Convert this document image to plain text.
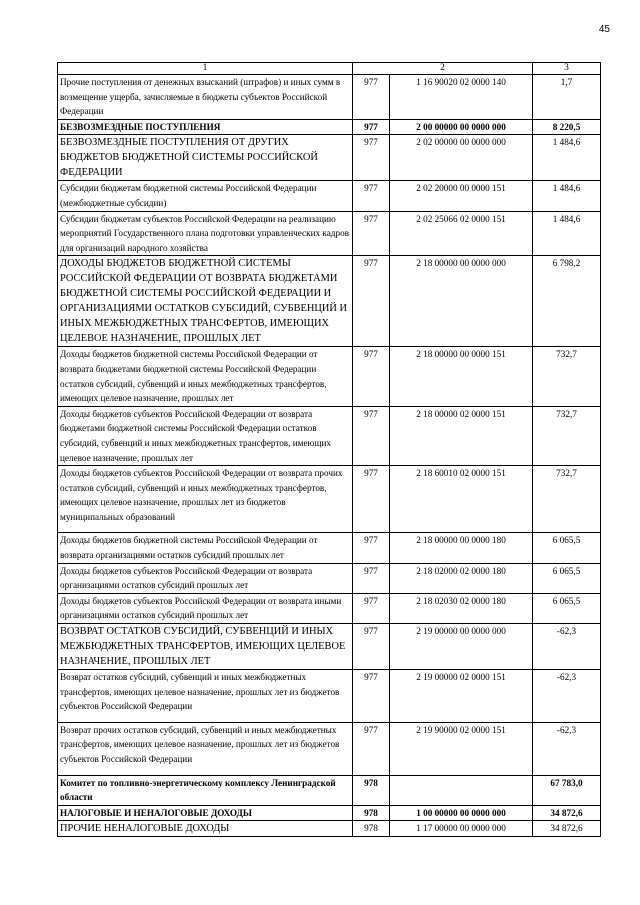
45
1	2		3
Прочие поступления от денежных взысканий (штрафов) и иных сумм в возмещение ущерба, зачисляемые в бюджеты субъектов Российской Федерации	977	1 16 90020 02 0000 140	1,7
БЕЗВОЗМЕЗДНЫЕ ПОСТУПЛЕНИЯ	977	2 00 00000 00 0000 000	8 220,5
БЕЗВОЗМЕЗДНЫЕ ПОСТУПЛЕНИЯ ОТ ДРУГИХ БЮДЖЕТОВ БЮДЖЕТНОЙ СИСТЕМЫ РОССИЙСКОЙ ФЕДЕРАЦИИ	977	2 02 00000 00 0000 000	1 484,6
Субсидии бюджетам бюджетной системы Российской Федерации (межбюджетные субсидии)	977	2 02 20000 00 0000 151	1 484,6
Субсидии бюджетам субъектов Российской Федерации на реализацию мероприятий Государственного плана подготовки управленческих кадров для организаций народного хозяйства	977	2 02 25066 02 0000 151	1 484,6
ДОХОДЫ БЮДЖЕТОВ БЮДЖЕТНОЙ СИСТЕМЫ РОССИЙСКОЙ ФЕДЕРАЦИИ ОТ ВОЗВРАТА БЮДЖЕТАМИ БЮДЖЕТНОЙ СИСТЕМЫ РОССИЙСКОЙ ФЕДЕРАЦИИ И ОРГАНИЗАЦИЯМИ ОСТАТКОВ СУБСИДИЙ, СУБВЕНЦИЙ И ИНЫХ МЕЖБЮДЖЕТНЫХ ТРАНСФЕРТОВ, ИМЕЮЩИХ ЦЕЛЕВОЕ НАЗНАЧЕНИЕ, ПРОШЛЫХ ЛЕТ	977	2 18 00000 00 0000 000	6 798,2
Доходы бюджетов бюджетной системы Российской Федерации от возврата бюджетами бюджетной системы Российской Федерации остатков субсидий, субвенций и иных межбюджетных трансфертов, имеющих целевое назначение, прошлых лет	977	2 18 00000 00 0000 151	732,7
Доходы бюджетов субъектов Российской Федерации от возврата бюджетами бюджетной системы Российской Федерации остатков субсидий, субвенций и иных межбюджетных трансфертов, имеющих целевое назначение, прошлых лет	977	2 18 00000 02 0000 151	732,7
Доходы бюджетов субъектов Российской Федерации от возврата прочих остатков субсидий, субвенций и иных межбюджетных трансфертов, имеющих целевое назначение, прошлых лет из бюджетов муниципальных образований	977	2 18 60010 02 0000 151	732,7
Доходы бюджетов бюджетной системы Российской Федерации от возврата организациями остатков субсидий прошлых лет	977	2 18 00000 00 0000 180	6 065,5
Доходы бюджетов субъектов Российской Федерации от возврата организациями остатков субсидий прошлых лет	977	2 18 02000 02 0000 180	6 065,5
Доходы бюджетов субъектов Российской Федерации от возврата иными организациями остатков субсидий прошлых лет	977	2 18 02030 02 0000 180	6 065,5
ВОЗВРАТ ОСТАТКОВ СУБСИДИЙ, СУБВЕНЦИЙ И ИНЫХ МЕЖБЮДЖЕТНЫХ ТРАНСФЕРТОВ, ИМЕЮЩИХ ЦЕЛЕВОЕ НАЗНАЧЕНИЕ, ПРОШЛЫХ ЛЕТ	977	2 19 00000 00 0000 000	-62,3
Возврат остатков субсидий, субвенций и иных межбюджетных трансфертов, имеющих целевое назначение, прошлых лет из бюджетов субъектов Российской Федерации	977	2 19 00000 02 0000 151	-62,3
Возврат прочих остатков субсидий, субвенций и иных межбюджетных трансфертов, имеющих целевое назначение, прошлых лет из бюджетов субъектов Российской Федерации	977	2 19 90000 02 0000 151	-62,3
Комитет по топливно-энергетическому комплексу Ленинградской области	978		67 783,0
НАЛОГОВЫЕ И НЕНАЛОГОВЫЕ ДОХОДЫ	978	1 00 00000 00 0000 000	34 872,6
ПРОЧИЕ НЕНАЛОГОВЫЕ ДОХОДЫ	978	1 17 00000 00 0000 000	34 872,6
